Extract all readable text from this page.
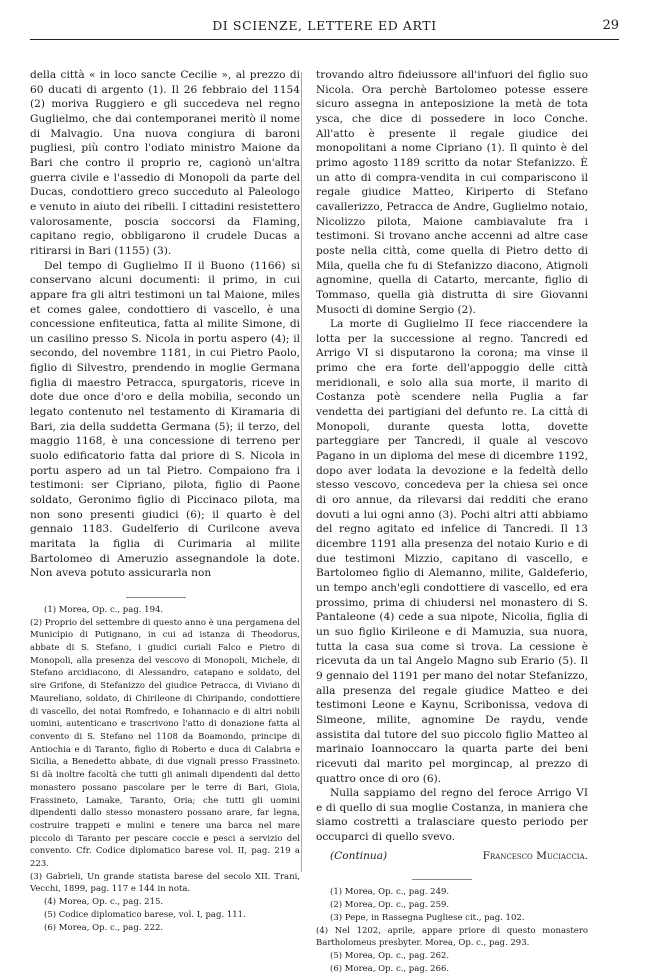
DI SCIENZE, LETTERE ED ARTI	29

della città « in loco sancte Cecilie », al prezzo di 60 ducati di argento (1). Il 26 febbraio del 1154 (2) moriva Ruggiero e gli succedeva nel regno Guglielmo, che dai contemporanei meritò il nome di Malvagio. Una nuova congiura di baroni pugliesi, più contro l'odiato ministro Maione da Bari che contro il proprio re, cagionò un'altra guerra civile e l'assedio di Monopoli da parte del Ducas, condottiero greco succeduto al Paleologo e venuto in aiuto dei ribelli. I cittadini resistettero valorosamente, poscia soccorsi da Flaming, capitano regio, obbligarono il crudele Ducas a ritirarsi in Bari (1155) (3).

Del tempo di Guglielmo II il Buono (1166) si conservano alcuni documenti: il primo, in cui appare fra gli altri testimoni un tal Maione, miles et comes galee, condottiero di vascello, è una concessione enfiteutica, fatta al milite Simone, di un casilino presso S. Nicola in portu aspero (4); il secondo, del novembre 1181, in cui Pietro Paolo, figlio di Silvestro, prendendo in moglie Germana figlia di maestro Petracca, spurgatoris, riceve in dote due once d'oro e della mobilia, secondo un legato contenuto nel testamento di Kiramaria di Bari, zia della suddetta Germana (5); il terzo, del maggio 1168, è una concessione di terreno per suolo edificatorio fatta dal priore di S. Nicola in portu aspero ad un tal Pietro. Compaiono fra i testimoni: ser Cipriano, pilota, figlio di Paone soldato, Geronimo figlio di Piccinaco pilota, ma non sono presenti giudici (6); il quarto è del gennaio 1183. Gudelferio di Curilcone aveva maritata la figlia di Curimaria al milite Bartolomeo di Ameruzio assegnandole la dote. Non aveva potuto assicurarla non

(1) Morea, Op. c., pag. 194.
(2) Proprio del settembre di questo anno è una pergamena del Municipio di Putignano, in cui ad istanza di Theodorus, abbate di S. Stefano, i giudici curiali Falco e Pietro di Monopoli, alla presenza del vescovo di Monopoli, Michele, di Stefano arcidiacono, di Alessandro, catapano e soldato, del sire Grifone, di Stefanizzo del giudice Petracca, di Viviano di Maureliano, soldato, di Chirileone di Chiripando, condottiere di vascello, dei notai Romfredo, e Iohannacio e di altri nobili uomini, autenticano e trascrivono l'atto di donazione fatta al convento di S. Stefano nel 1108 da Boamondo, principe di Antiochia e di Taranto, figlio di Roberto e duca di Calabria e Sicilia, a Benedetto abbate, di due vignali presso Frassineto. Si dà inoltre facoltà che tutti gli animali dipendenti dal detto monastero possano pascolare per le terre di Bari, Gioia, Frassineto, Lamake, Taranto, Oria; che tutti gli uomini dipendenti dallo stesso monastero possano arare, far legna, costruire trappeti e mulini e tenere una barca nel mare piccolo di Taranto per pescare coccie e pesci a servizio del convento. Cfr. Codice diplomatico barese vol. II, pag. 219 a 223.
(3) Gabrieli, Un grande statista barese del secolo XII. Trani, Vecchi, 1899, pag. 117 e 144 in nota.
(4) Morea, Op. c., pag. 215.
(5) Codice diplomatico barese, vol. I, pag. 111.
(6) Morea, Op. c., pag. 222.

trovando altro fideiussore all'infuori del figlio suo Nicola. Ora perchè Bartolomeo potesse essere sicuro assegna in anteposizione la metà de tota ysca, che dice di possedere in loco Conche. All'atto è presente il regale giudice dei monopolitani a nome Cipriano (1). Il quinto è del primo agosto 1189 scritto da notar Stefanizzo. È un atto di compra-vendita in cui compariscono il regale giudice Matteo, Kiriperto di Stefano cavallerizzo, Petracca de Andre, Guglielmo notaio, Nicolizzo pilota, Maione cambiavalute fra i testimoni. Si trovano anche accenni ad altre case poste nella città, come quella di Pietro detto di Mila, quella che fu di Stefanizzo diacono, Atignoli agnomine, quella di Catarto, mercante, figlio di Tommaso, quella già distrutta di sire Giovanni Musocti di domine Sergio (2).

La morte di Guglielmo II fece riaccendere la lotta per la successione al regno. Tancredi ed Arrigo VI si disputarono la corona; ma vinse il primo che era forte dell'appoggio delle città meridionali, e solo alla sua morte, il marito di Costanza potè scendere nella Puglia a far vendetta dei partigiani del defunto re. La città di Monopoli, durante questa lotta, dovette parteggiare per Tancredi, il quale al vescovo Pagano in un diploma del mese di dicembre 1192, dopo aver lodata la devozione e la fedeltà dello stesso vescovo, concedeva per la chiesa sei once di oro annue, da rilevarsi dai redditi che erano dovuti a lui ogni anno (3). Pochi altri atti abbiamo del regno agitato ed infelice di Tancredi. Il 13 dicembre 1191 alla presenza del notaio Kurio e di due testimoni Mizzio, capitano di vascello, e Bartolomeo figlio di Alemanno, milite, Galdeferio, un tempo anch'egli condottiere di vascello, ed era prossimo, prima di chiudersi nel monastero di S. Pantaleone (4) cede a sua nipote, Nicolia, figlia di un suo figlio Kirileone e di Mamuzia, sua nuora, tutta la casa sua come si trova. La cessione è ricevuta da un tal Angelo Magno sub Erario (5). Il 9 gennaio del 1191 per mano del notar Stefanizzo, alla presenza del regale giudice Matteo e dei testimoni Leone e Kaynu, Scribonissa, vedova di Simeone, milite, agnomine De raydu, vende assistita dal tutore del suo piccolo figlio Matteo al marinaio Ioannoccaro la quarta parte dei beni ricevuti dal marito pel morgincap, al prezzo di quattro once di oro (6).

Nulla sappiamo del regno del feroce Arrigo VI e di quello di sua moglie Costanza, in maniera che siamo costretti a tralasciare questo periodo per occuparci di quello svevo.

(Continua)	Francesco Muciaccia.
(1) Morea, Op. c., pag. 249.
(2) Morea, Op. c., pag. 259.
(3) Pepe, in Rassegna Pugliese cit., pag. 102.
(4) Nel 1202, aprile, appare priore di questo monastero Bartholomeus presbyter. Morea, Op. c., pag. 293.
(5) Morea, Op. c., pag. 262.
(6) Morea, Op. c., pag. 266.
